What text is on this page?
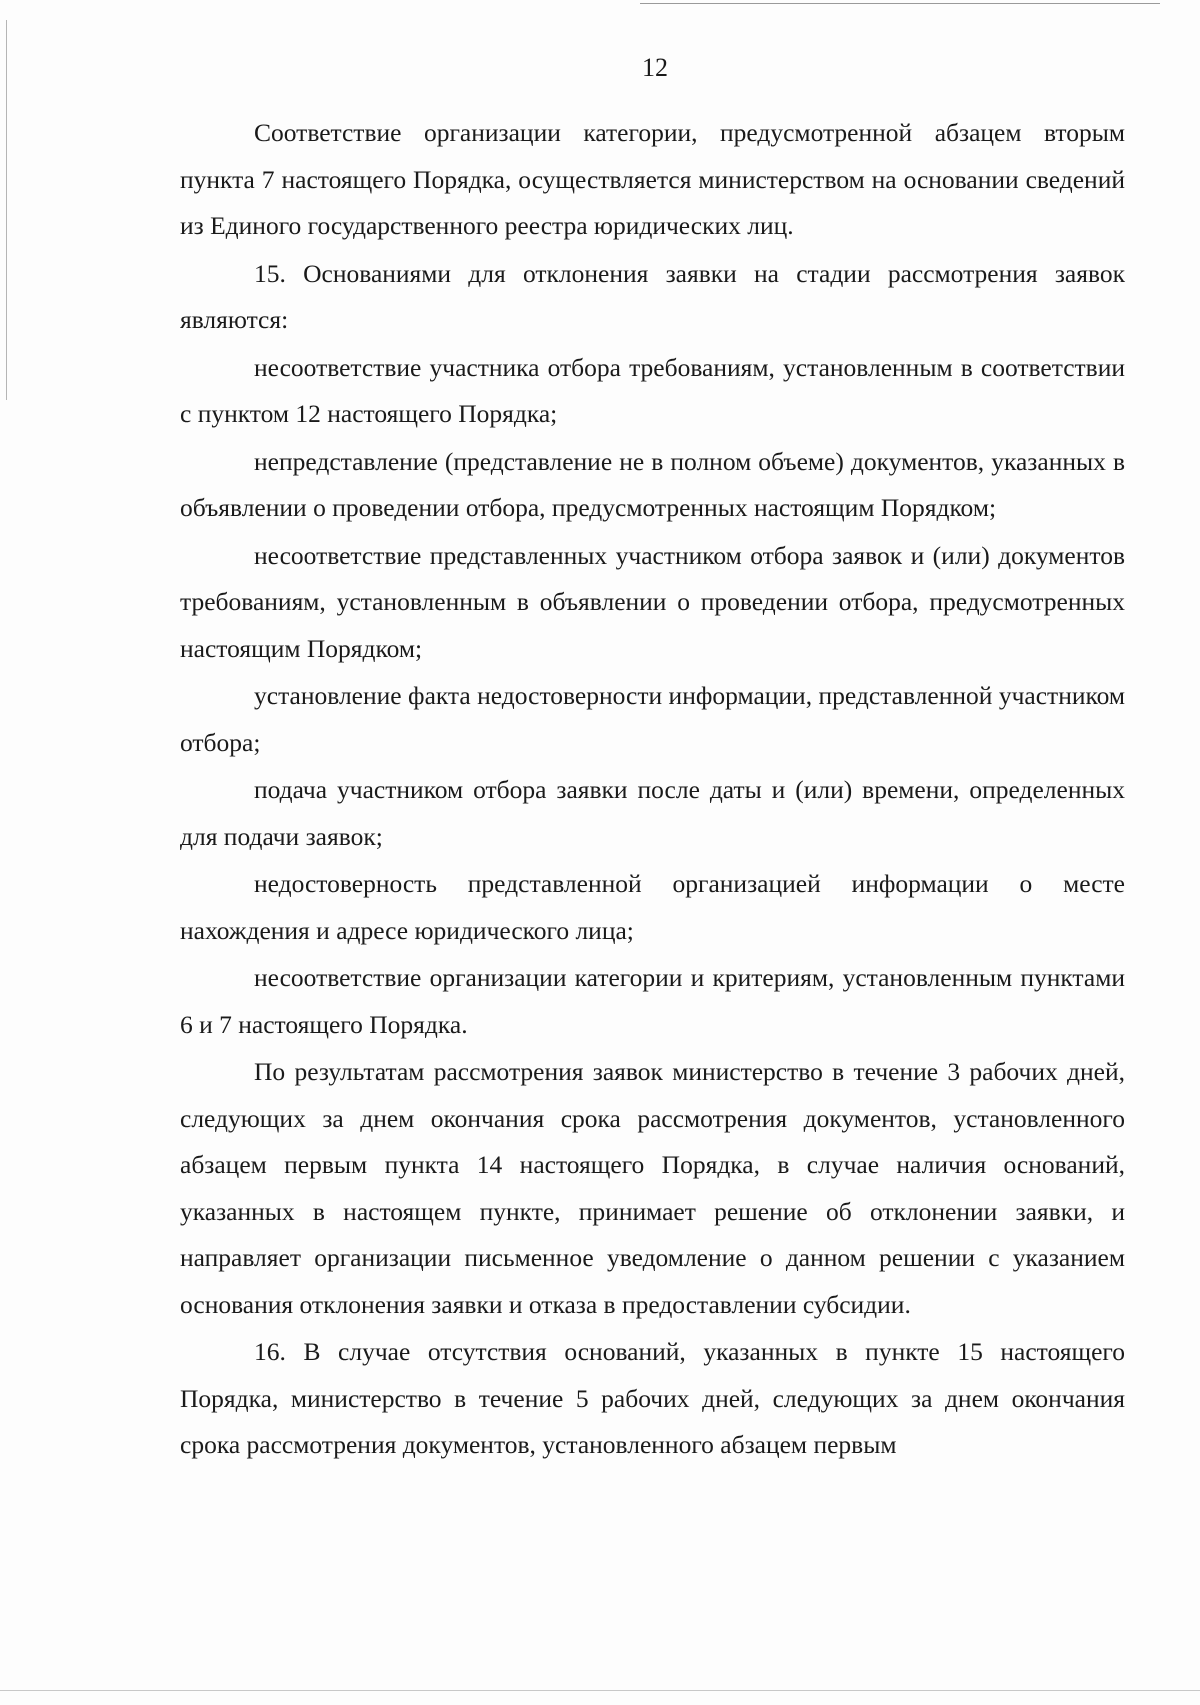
12

Соответствие организации категории, предусмотренной абзацем вторым пункта 7 настоящего Порядка, осуществляется министерством на основании сведений из Единого государственного реестра юридических лиц.

15. Основаниями для отклонения заявки на стадии рассмотрения заявок являются:

несоответствие участника отбора требованиям, установленным в соответствии с пунктом 12 настоящего Порядка;

непредставление (представление не в полном объеме) документов, указанных в объявлении о проведении отбора, предусмотренных настоящим Порядком;

несоответствие представленных участником отбора заявок и (или) документов требованиям, установленным в объявлении о проведении отбора, предусмотренных настоящим Порядком;

установление факта недостоверности информации, представленной участником отбора;

подача участником отбора заявки после даты и (или) времени, определенных для подачи заявок;

недостоверность представленной организацией информации о месте нахождения и адресе юридического лица;

несоответствие организации категории и критериям, установленным пунктами 6 и 7 настоящего Порядка.

По результатам рассмотрения заявок министерство в течение 3 рабочих дней, следующих за днем окончания срока рассмотрения документов, установленного абзацем первым пункта 14 настоящего Порядка, в случае наличия оснований, указанных в настоящем пункте, принимает решение об отклонении заявки, и направляет организации письменное уведомление о данном решении с указанием основания отклонения заявки и отказа в предоставлении субсидии.

16. В случае отсутствия оснований, указанных в пункте 15 настоящего Порядка, министерство в течение 5 рабочих дней, следующих за днем окончания срока рассмотрения документов, установленного абзацем первым
